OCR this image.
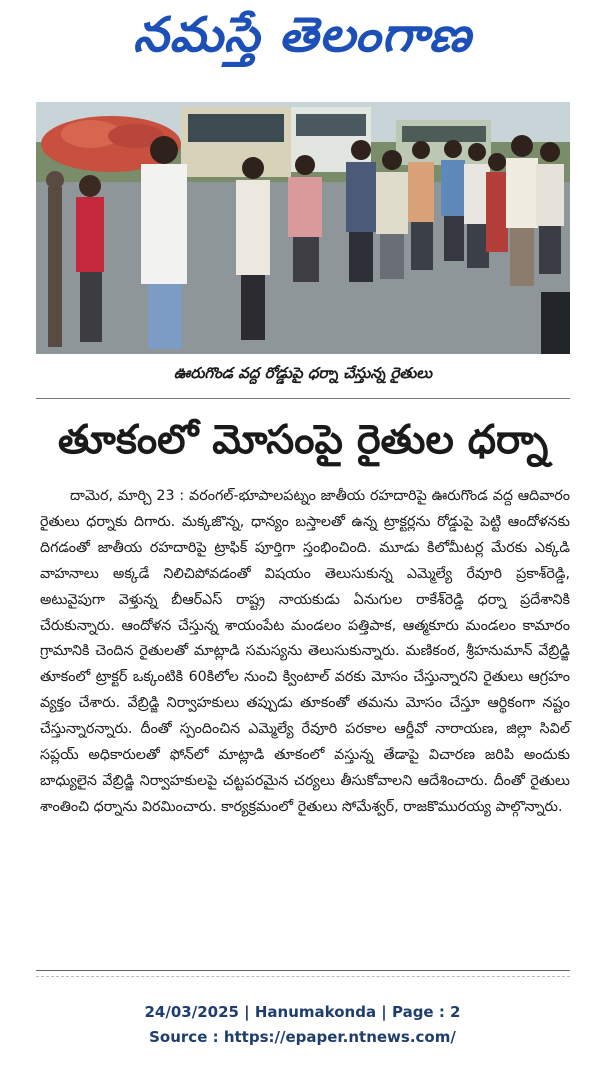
నమస్తే తెలంగాణ
ఊరుగొండ వద్ద రోడ్డుపై ధర్నా చేస్తున్న రైతులు
తూకంలో మోసంపై రైతుల ధర్నా
దామెర, మార్చి 23 : వరంగల్-భూపాలపట్నం జాతీయ రహదారిపై ఊరుగొండ వద్ద ఆదివారం రైతులు ధర్నాకు దిగారు. మక్కజొన్న, ధాన్యం బస్తాలతో ఉన్న ట్రాక్టర్లను రోడ్డుపై పెట్టి ఆందోళనకు దిగడంతో జాతీయ రహదారిపై ట్రాఫిక్ పూర్తిగా స్తంభించింది. మూడు కిలోమీటర్ల మేరకు ఎక్కడి వాహనాలు అక్కడే నిలిచిపోవడంతో విషయం తెలుసుకున్న ఎమ్మెల్యే రేవూరి ప్రకాశ్‌రెడ్డి, అటువైపుగా వెళ్తున్న బీఆర్ఎస్ రాష్ట్ర నాయకుడు ఏనుగుల రాకేశ్‌రెడ్డి ధర్నా ప్రదేశానికి చేరుకున్నారు. ఆందోళన చేస్తున్న శాయంపేట మండలం పత్తిపాక, ఆత్మకూరు మండలం కామారం గ్రామానికి చెందిన రైతులతో మాట్లాడి సమస్యను తెలుసుకున్నారు. మణికంఠ, శ్రీహనుమాన్ వేబ్రిడ్జి తూకంలో ట్రాక్టర్ ఒక్కంటికి 60కిలోల నుంచి క్వింటాల్ వరకు మోసం చేస్తున్నారని రైతులు ఆగ్రహం వ్యక్తం చేశారు. వేబ్రిడ్జి నిర్వాహకులు తప్పుడు తూకంతో తమను మోసం చేస్తూ ఆర్థికంగా నష్టం చేస్తున్నారన్నారు. దీంతో స్పందించిన ఎమ్మెల్యే రేవూరి పరకాల ఆర్డీవో నారాయణ, జిల్లా సివిల్ సప్లయ్ అధికారులతో ఫోన్‌లో మాట్లాడి తూకంలో వస్తున్న తేడాపై విచారణ జరిపి అందుకు బాధ్యులైన వేబ్రిడ్జి నిర్వాహకులపై చట్టపరమైన చర్యలు తీసుకోవాలని ఆదేశించారు. దీంతో రైతులు శాంతించి ధర్నాను విరమించారు. కార్యక్రమంలో రైతులు సోమేశ్వర్, రాజకొమురయ్య పాల్గొన్నారు.
24/03/2025 | Hanumakonda | Page : 2
Source : https://epaper.ntnews.com/
